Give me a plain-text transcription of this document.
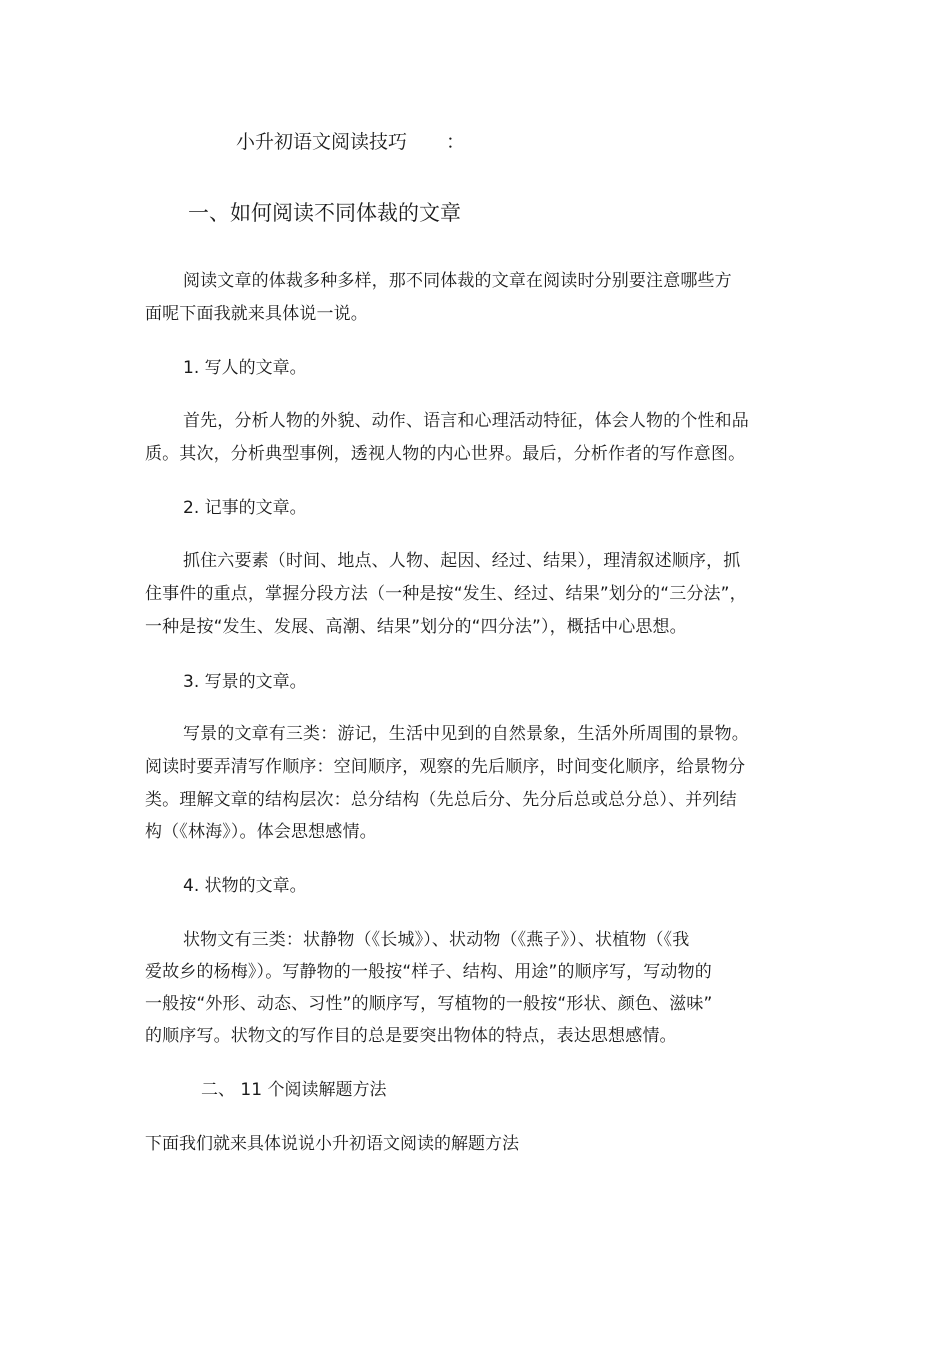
小升初语文阅读技巧 ：
一、如何阅读不同体裁的文章
阅读文章的体裁多种多样，那不同体裁的文章在阅读时分别要注意哪些方
面呢下面我就来具体说一说。
1. 写人的文章。
首先，分析人物的外貌、动作、语言和心理活动特征，体会人物的个性和品
质。其次，分析典型事例，透视人物的内心世界。最后，分析作者的写作意图。
2. 记事的文章。
抓住六要素（时间、地点、人物、起因、经过、结果），理清叙述顺序，抓
住事件的重点，掌握分段方法（一种是按“发生、经过、结果”划分的“三分法”，
一种是按“发生、发展、高潮、结果”划分的“四分法”），概括中心思想。
3. 写景的文章。
写景的文章有三类：游记，生活中见到的自然景象，生活外所周围的景物。
阅读时要弄清写作顺序：空间顺序，观察的先后顺序，时间变化顺序，给景物分
类。理解文章的结构层次：总分结构（先总后分、先分后总或总分总）、并列结
构（《林海》）。体会思想感情。
4. 状物的文章。
状物文有三类：状静物（《长城》）、状动物（《燕子》）、状植物（《我
爱故乡的杨梅》）。写静物的一般按“样子、结构、用途”的顺序写，写动物的
一般按“外形、动态、习性”的顺序写，写植物的一般按“形状、颜色、滋味”
的顺序写。状物文的写作目的总是要突出物体的特点，表达思想感情。
二、 11 个阅读解题方法
下面我们就来具体说说小升初语文阅读的解题方法
